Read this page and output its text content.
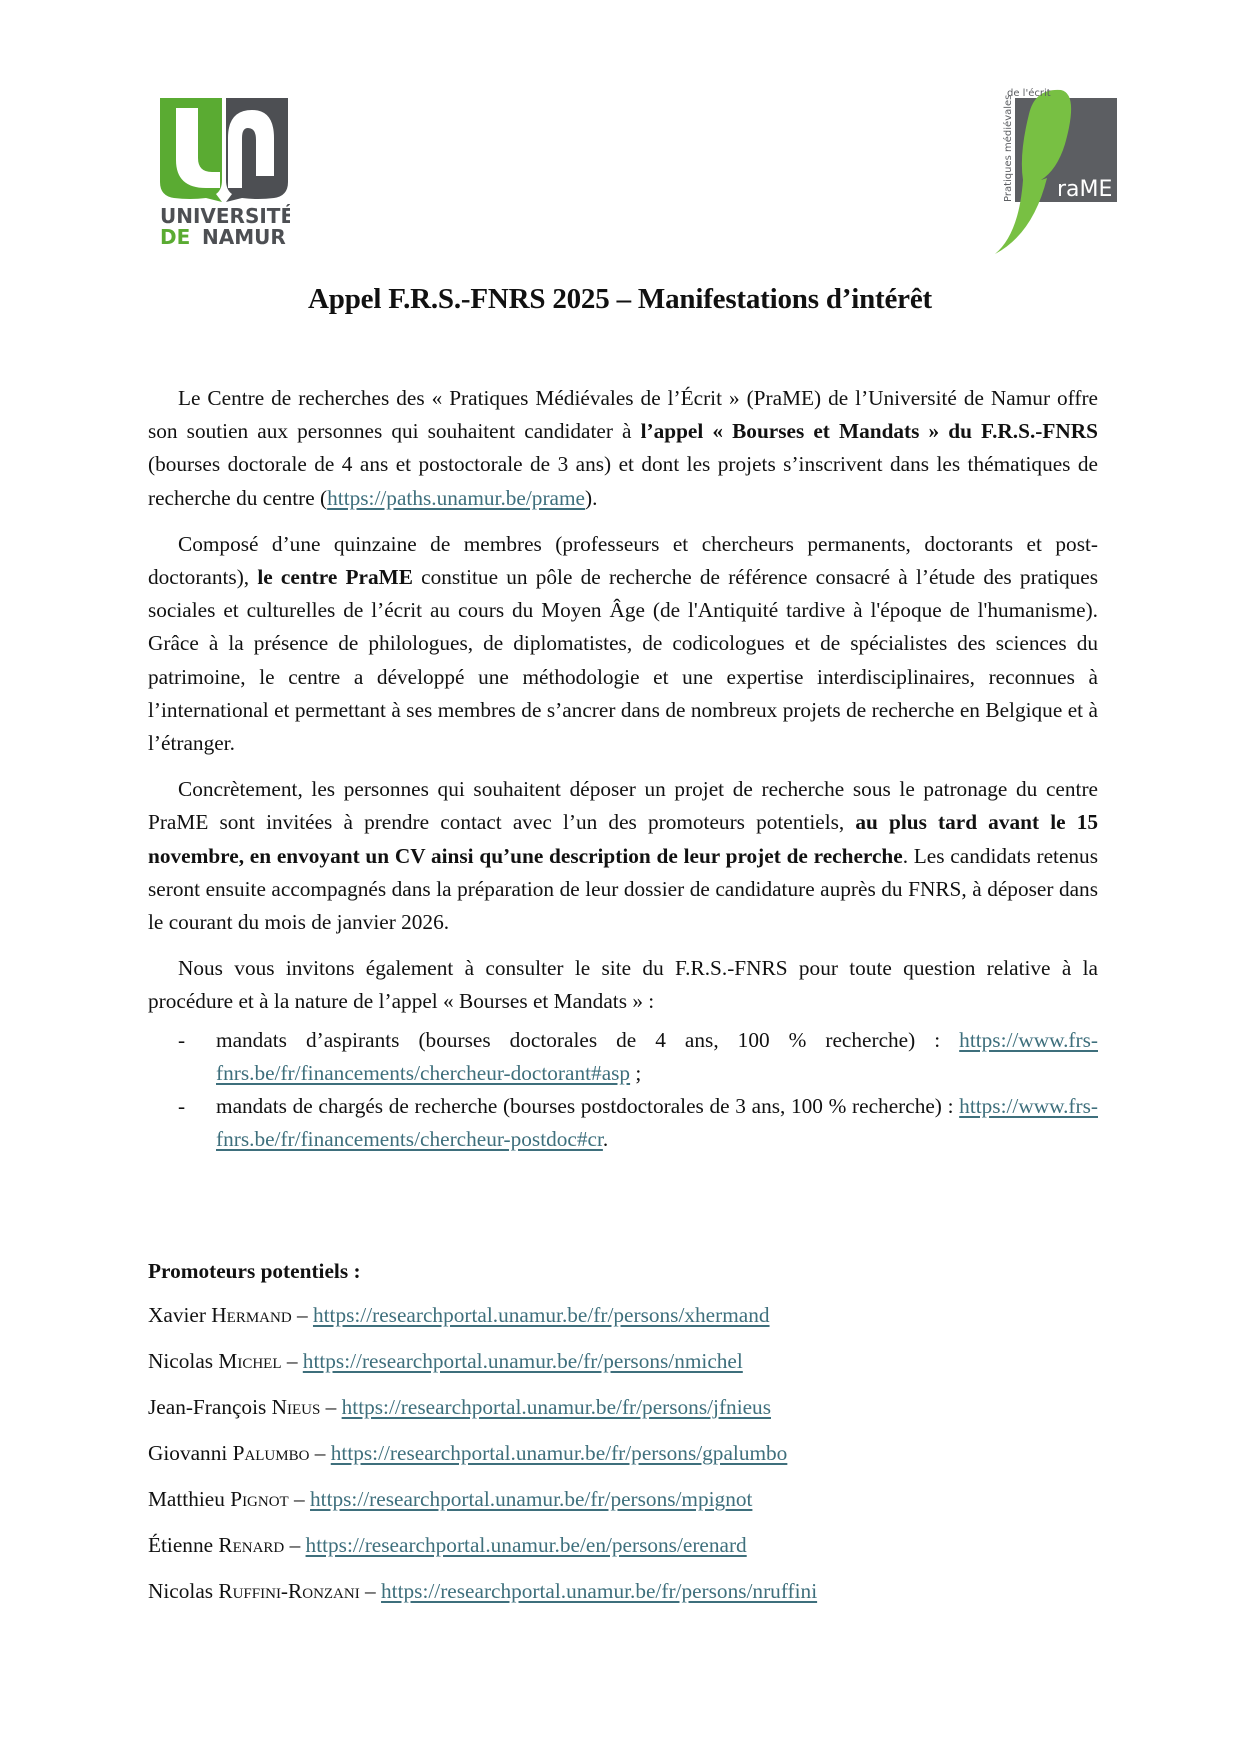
UNIVERSITÉ
DE NAMUR
de l'écrit
Pratiques médiévales raME
Appel F.R.S.-FNRS 2025 – Manifestations d’intérêt

Le Centre de recherches des « Pratiques Médiévales de l’Écrit » (PraME) de l’Université de Namur offre son soutien aux personnes qui souhaitent candidater à l’appel « Bourses et Mandats » du F.R.S.-FNRS (bourses doctorale de 4 ans et postoctorale de 3 ans) et dont les projets s’inscrivent dans les thématiques de recherche du centre (https://paths.unamur.be/prame).

Composé d’une quinzaine de membres (professeurs et chercheurs permanents, doctorants et post-doctorants), le centre PraME constitue un pôle de recherche de référence consacré à l’étude des pratiques sociales et culturelles de l’écrit au cours du Moyen Âge (de l'Antiquité tardive à l'époque de l'humanisme). Grâce à la présence de philologues, de diplomatistes, de codicologues et de spécialistes des sciences du patrimoine, le centre a développé une méthodologie et une expertise interdisciplinaires, reconnues à l’international et permettant à ses membres de s’ancrer dans de nombreux projets de recherche en Belgique et à l’étranger.

Concrètement, les personnes qui souhaitent déposer un projet de recherche sous le patronage du centre PraME sont invitées à prendre contact avec l’un des promoteurs potentiels, au plus tard avant le 15 novembre, en envoyant un CV ainsi qu’une description de leur projet de recherche. Les candidats retenus seront ensuite accompagnés dans la préparation de leur dossier de candidature auprès du FNRS, à déposer dans le courant du mois de janvier 2026.

Nous vous invitons également à consulter le site du F.R.S.-FNRS pour toute question relative à la procédure et à la nature de l’appel « Bourses et Mandats » :

- mandats d’aspirants (bourses doctorales de 4 ans, 100 % recherche) : https://www.frs-fnrs.be/fr/financements/chercheur-doctorant#asp ;
- mandats de chargés de recherche (bourses postdoctorales de 3 ans, 100 % recherche) : https://www.frs-fnrs.be/fr/financements/chercheur-postdoc#cr.
Promoteurs potentiels :
Xavier Hermand – https://researchportal.unamur.be/fr/persons/xhermand
Nicolas Michel – https://researchportal.unamur.be/fr/persons/nmichel
Jean-François Nieus – https://researchportal.unamur.be/fr/persons/jfnieus
Giovanni Palumbo – https://researchportal.unamur.be/fr/persons/gpalumbo
Matthieu Pignot – https://researchportal.unamur.be/fr/persons/mpignot
Étienne Renard – https://researchportal.unamur.be/en/persons/erenard
Nicolas Ruffini-Ronzani – https://researchportal.unamur.be/fr/persons/nruffini
